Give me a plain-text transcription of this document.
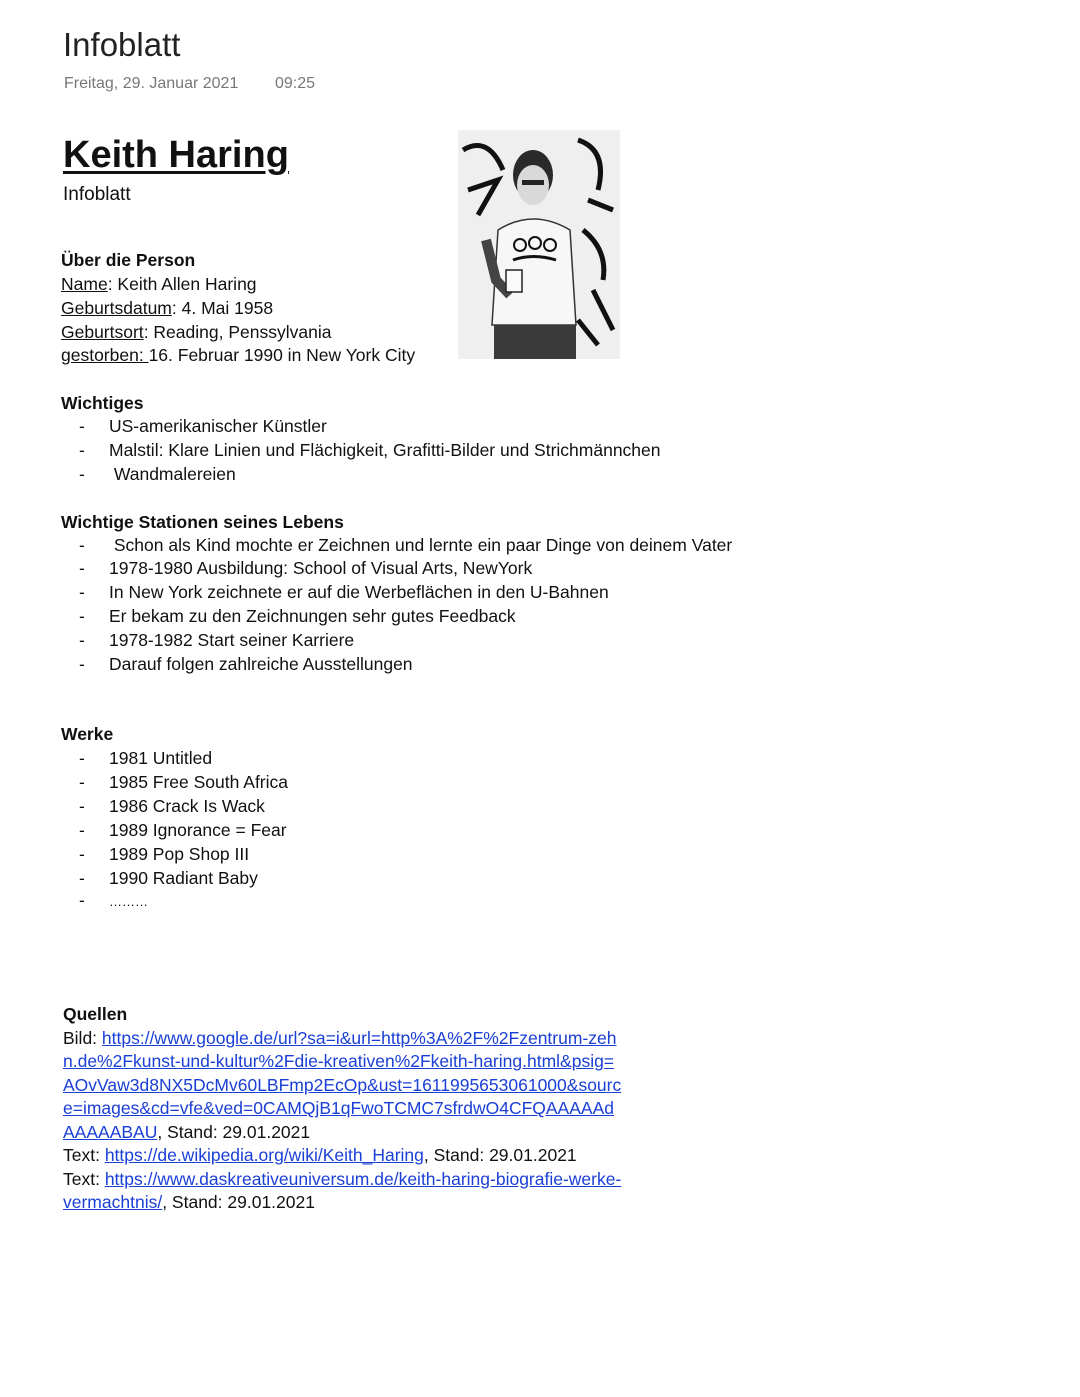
Infoblatt
Freitag, 29. Januar 2021 09:25
Keith Haring
Infoblatt
Über die Person
Name: Keith Allen Haring
Geburtsdatum: 4. Mai 1958
Geburtsort: Reading, Penssylvania
gestorben: 16. Februar 1990 in New York City
Wichtiges
- US-amerikanischer Künstler
- Malstil: Klare Linien und Flächigkeit, Grafitti-Bilder und Strichmännchen
- Wandmalereien
Wichtige Stationen seines Lebens
- Schon als Kind mochte er Zeichnen und lernte ein paar Dinge von deinem Vater
- 1978-1980 Ausbildung: School of Visual Arts, NewYork
- In New York zeichnete er auf die Werbeflächen in den U-Bahnen
- Er bekam zu den Zeichnungen sehr gutes Feedback
- 1978-1982 Start seiner Karriere
- Darauf folgen zahlreiche Ausstellungen
Werke
- 1981 Untitled
- 1985 Free South Africa
- 1986 Crack Is Wack
- 1989 Ignorance = Fear
- 1989 Pop Shop III
- 1990 Radiant Baby
- ………
Quellen
Bild: https://www.google.de/url?sa=i&url=http%3A%2F%2Fzentrum-zehn.de%2Fkunst-und-kultur%2Fdie-kreativen%2Fkeith-haring.html&psig=AOvVaw3d8NX5DcMv60LBFmp2EcOp&ust=1611995653061000&source=images&cd=vfe&ved=0CAMQjB1qFwoTCMC7sfrdwO4CFQAAAAAdAAAAABAU, Stand: 29.01.2021
Text: https://de.wikipedia.org/wiki/Keith_Haring, Stand: 29.01.2021
Text: https://www.daskreativeuniversum.de/keith-haring-biografie-werke-vermachtnis/, Stand: 29.01.2021
